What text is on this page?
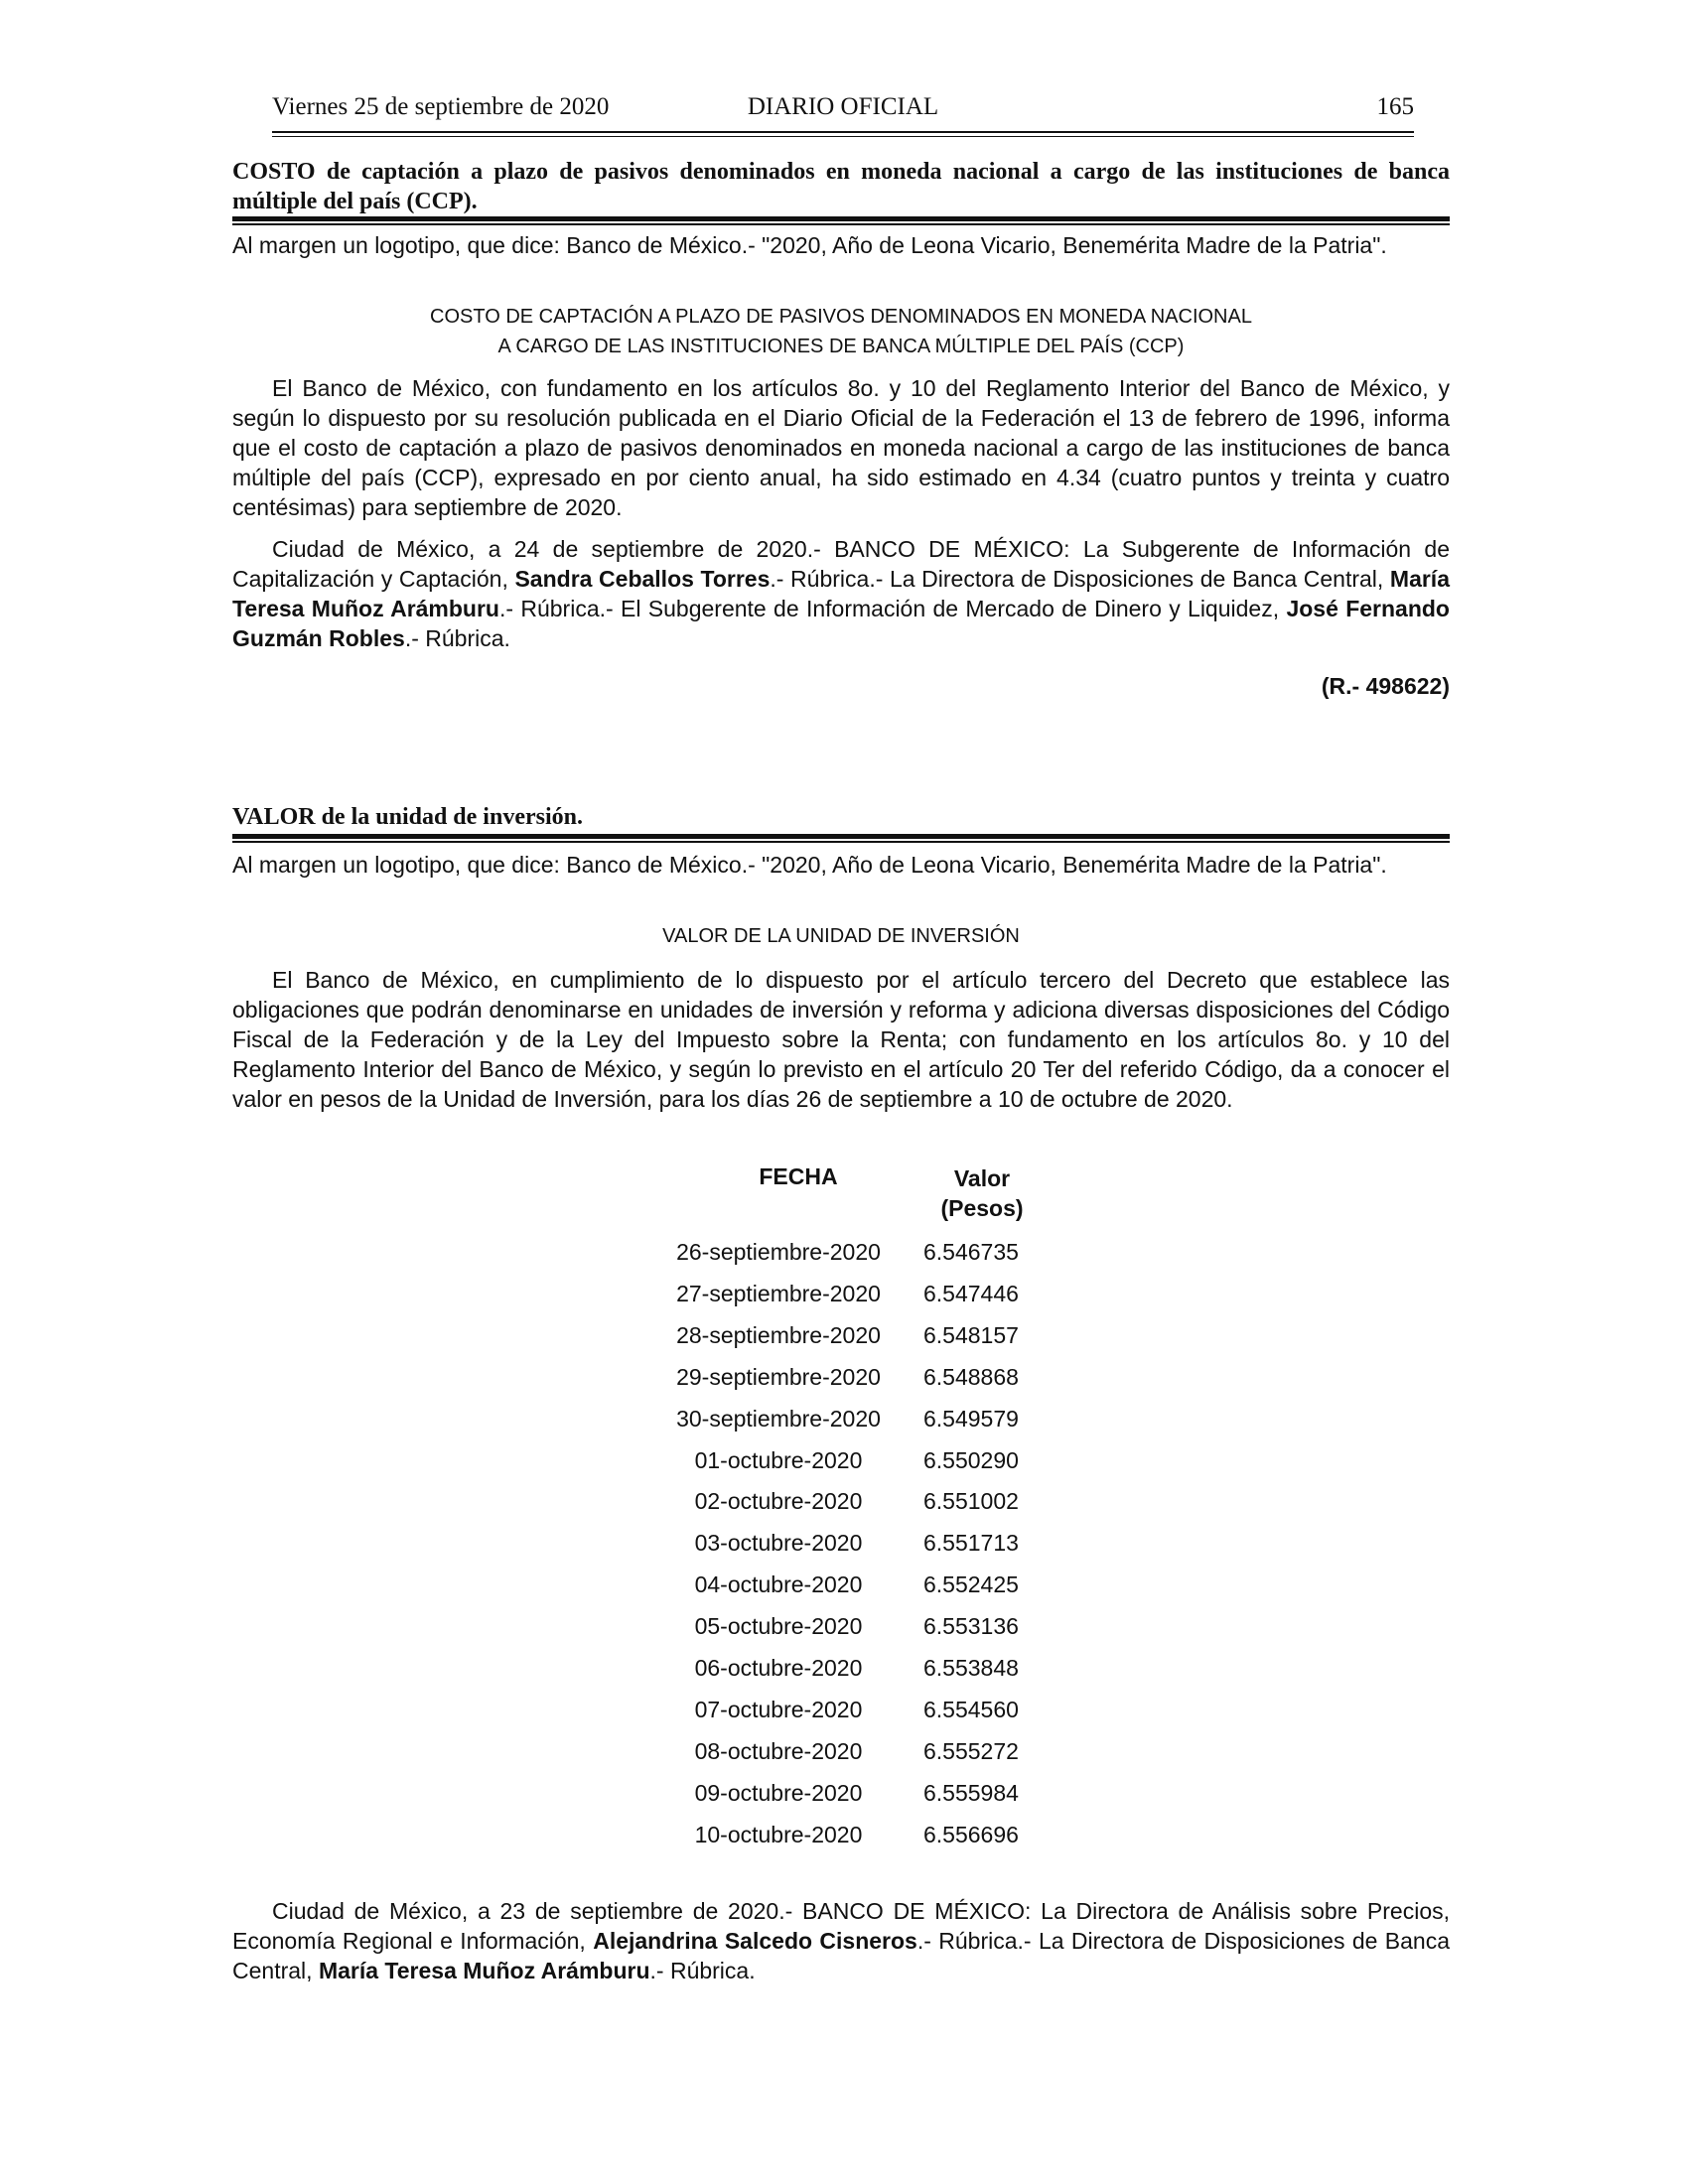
Viernes 25 de septiembre de 2020	DIARIO OFICIAL	165
COSTO de captación a plazo de pasivos denominados en moneda nacional a cargo de las instituciones de banca múltiple del país (CCP).
Al margen un logotipo, que dice: Banco de México.- "2020, Año de Leona Vicario, Benemérita Madre de la Patria".
COSTO DE CAPTACIÓN A PLAZO DE PASIVOS DENOMINADOS EN MONEDA NACIONAL
A CARGO DE LAS INSTITUCIONES DE BANCA MÚLTIPLE DEL PAÍS (CCP)
El Banco de México, con fundamento en los artículos 8o. y 10 del Reglamento Interior del Banco de México, y según lo dispuesto por su resolución publicada en el Diario Oficial de la Federación el 13 de febrero de 1996, informa que el costo de captación a plazo de pasivos denominados en moneda nacional a cargo de las instituciones de banca múltiple del país (CCP), expresado en por ciento anual, ha sido estimado en 4.34 (cuatro puntos y treinta y cuatro centésimas) para septiembre de 2020.
Ciudad de México, a 24 de septiembre de 2020.- BANCO DE MÉXICO: La Subgerente de Información de Capitalización y Captación, Sandra Ceballos Torres.- Rúbrica.- La Directora de Disposiciones de Banca Central, María Teresa Muñoz Arámburu.- Rúbrica.- El Subgerente de Información de Mercado de Dinero y Liquidez, José Fernando Guzmán Robles.- Rúbrica.
(R.- 498622)
VALOR de la unidad de inversión.
Al margen un logotipo, que dice: Banco de México.- "2020, Año de Leona Vicario, Benemérita Madre de la Patria".
VALOR DE LA UNIDAD DE INVERSIÓN
El Banco de México, en cumplimiento de lo dispuesto por el artículo tercero del Decreto que establece las obligaciones que podrán denominarse en unidades de inversión y reforma y adiciona diversas disposiciones del Código Fiscal de la Federación y de la Ley del Impuesto sobre la Renta; con fundamento en los artículos 8o. y 10 del Reglamento Interior del Banco de México, y según lo previsto en el artículo 20 Ter del referido Código, da a conocer el valor en pesos de la Unidad de Inversión, para los días 26 de septiembre a 10 de octubre de 2020.
FECHA	Valor
(Pesos)
26-septiembre-2020	6.546735
27-septiembre-2020	6.547446
28-septiembre-2020	6.548157
29-septiembre-2020	6.548868
30-septiembre-2020	6.549579
01-octubre-2020	6.550290
02-octubre-2020	6.551002
03-octubre-2020	6.551713
04-octubre-2020	6.552425
05-octubre-2020	6.553136
06-octubre-2020	6.553848
07-octubre-2020	6.554560
08-octubre-2020	6.555272
09-octubre-2020	6.555984
10-octubre-2020	6.556696
Ciudad de México, a 23 de septiembre de 2020.- BANCO DE MÉXICO: La Directora de Análisis sobre Precios, Economía Regional e Información, Alejandrina Salcedo Cisneros.- Rúbrica.- La Directora de Disposiciones de Banca Central, María Teresa Muñoz Arámburu.- Rúbrica.
